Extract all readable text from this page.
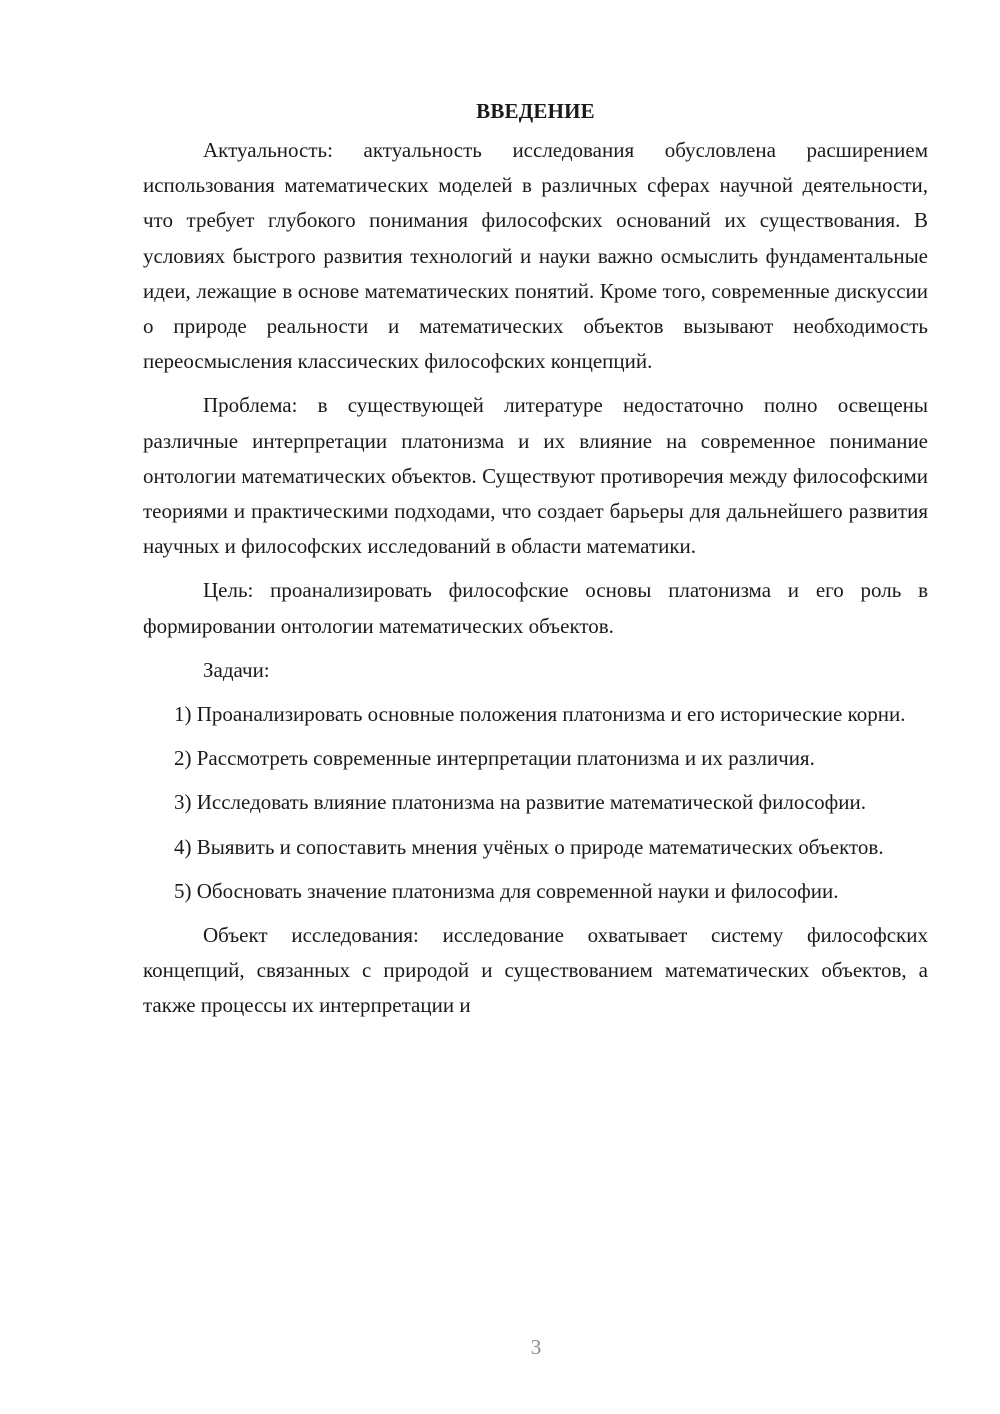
ВВЕДЕНИЕ

Актуальность: актуальность исследования обусловлена расширением использования математических моделей в различных сферах научной деятельности, что требует глубокого понимания философских оснований их существования. В условиях быстрого развития технологий и науки важно осмыслить фундаментальные идеи, лежащие в основе математических понятий. Кроме того, современные дискуссии о природе реальности и математических объектов вызывают необходимость переосмысления классических философских концепций.

Проблема: в существующей литературе недостаточно полно освещены различные интерпретации платонизма и их влияние на современное понимание онтологии математических объектов. Существуют противоречия между философскими теориями и практическими подходами, что создает барьеры для дальнейшего развития научных и философских исследований в области математики.

Цель: проанализировать философские основы платонизма и его роль в формировании онтологии математических объектов.

Задачи:

1) Проанализировать основные положения платонизма и его исторические корни.

2) Рассмотреть современные интерпретации платонизма и их различия.

3) Исследовать влияние платонизма на развитие математической философии.

4) Выявить и сопоставить мнения учёных о природе математических объектов.

5) Обосновать значение платонизма для современной науки и философии.

Объект исследования: исследование охватывает систему философских концепций, связанных с природой и существованием математических объектов, а также процессы их интерпретации и

3
